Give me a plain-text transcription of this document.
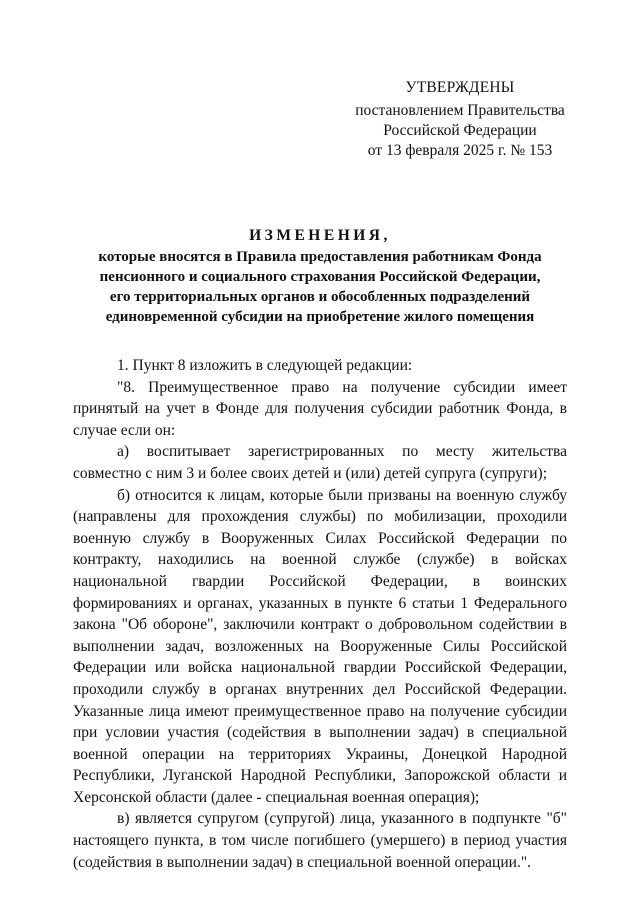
УТВЕРЖДЕНЫ
постановлением Правительства
Российской Федерации
от 13 февраля 2025 г. № 153
ИЗМЕНЕНИЯ,
которые вносятся в Правила предоставления работникам Фонда
пенсионного и социального страхования Российской Федерации,
его территориальных органов и обособленных подразделений
единовременной субсидии на приобретение жилого помещения

1. Пункт 8 изложить в следующей редакции:

"8. Преимущественное право на получение субсидии имеет принятый на учет в Фонде для получения субсидии работник Фонда, в случае если он:

а) воспитывает зарегистрированных по месту жительства совместно с ним 3 и более своих детей и (или) детей супруга (супруги);

б) относится к лицам, которые были призваны на военную службу (направлены для прохождения службы) по мобилизации, проходили военную службу в Вооруженных Силах Российской Федерации по контракту, находились на военной службе (службе) в войсках национальной гвардии Российской Федерации, в воинских формированиях и органах, указанных в пункте 6 статьи 1 Федерального закона "Об обороне", заключили контракт о добровольном содействии в выполнении задач, возложенных на Вооруженные Силы Российской Федерации или войска национальной гвардии Российской Федерации, проходили службу в органах внутренних дел Российской Федерации. Указанные лица имеют преимущественное право на получение субсидии при условии участия (содействия в выполнении задач) в специальной военной операции на территориях Украины, Донецкой Народной Республики, Луганской Народной Республики, Запорожской области и Херсонской области (далее - специальная военная операция);

в) является супругом (супругой) лица, указанного в подпункте "б" настоящего пункта, в том числе погибшего (умершего) в период участия (содействия в выполнении задач) в специальной военной операции.".
